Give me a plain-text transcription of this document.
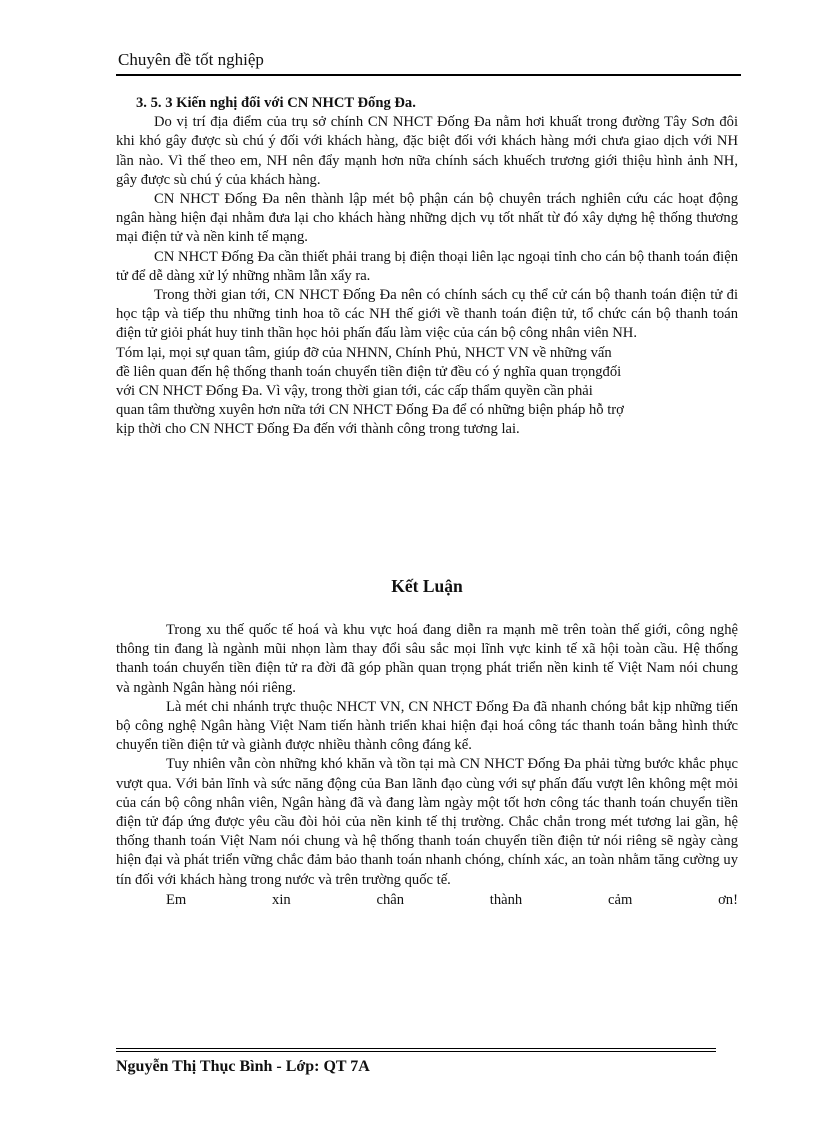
Chuyên đề tốt nghiệp
3. 5. 3 Kiến nghị đối với CN NHCT Đống Đa.

Do vị trí địa điểm của trụ sở chính CN NHCT Đống Đa nằm hơi khuất trong đường Tây Sơn đôi khi khó gây được sù chú ý đối với khách hàng, đặc biệt đối với khách hàng mới chưa giao dịch với NH lần nào. Vì thế theo em, NH nên đẩy mạnh hơn nữa chính sách khuếch trương giới thiệu hình ảnh NH, gây được sù chú ý của khách hàng.

CN NHCT Đống Đa nên thành lập mét bộ phận cán bộ chuyên trách nghiên cứu các hoạt động ngân hàng hiện đại nhằm đưa lại cho khách hàng những dịch vụ tốt nhất từ đó xây dựng hệ thống thương mại điện tử và nền kinh tế mạng.

CN NHCT Đống Đa cần thiết phải trang bị điện thoại liên lạc ngoại tỉnh cho cán bộ thanh toán điện tử để dễ dàng xử lý những nhầm lẫn xẩy ra.

Trong thời gian tới, CN NHCT Đống Đa nên có chính sách cụ thể cử cán bộ thanh toán điện tử đi học tập và tiếp thu những tinh hoa tõ các NH thế giới về thanh toán điện tử, tổ chức cán bộ thanh toán điện tử giỏi phát huy tinh thần học hỏi phấn đấu làm việc của cán bộ công nhân viên NH.

Tóm lại, mọi sự quan tâm, giúp đỡ của NHNN, Chính Phủ, NHCT VN về những vấn
đề liên quan đến hệ thống thanh toán chuyển tiền điện tử đều có ý nghĩa quan trọngđối
với CN NHCT Đống Đa. Vì vậy, trong thời gian tới, các cấp thẩm quyền cần phải
quan tâm thường xuyên hơn nữa tới CN NHCT Đống Đa để có những biện pháp hỗ trợ
kịp thời cho CN NHCT Đống Đa đến với thành công trong tương lai.

Kết Luận

Trong xu thế quốc tế hoá và khu vực hoá đang diễn ra mạnh mẽ trên toàn thế giới, công nghệ thông tin đang là ngành mũi nhọn làm thay đổi sâu sắc mọi lĩnh vực kinh tế xã hội toàn cầu. Hệ thống thanh toán chuyển tiền điện tử ra đời đã góp phần quan trọng phát triển nền kinh tế Việt Nam nói chung và ngành Ngân hàng nói riêng.

Là mét chi nhánh trực thuộc NHCT VN, CN NHCT Đống Đa đã nhanh chóng bắt kịp những tiến bộ công nghệ Ngân hàng Việt Nam tiến hành triển khai hiện đại hoá công tác thanh toán bằng hình thức chuyển tiền điện tử và giành được nhiều thành công đáng kể.

Tuy nhiên vẫn còn những khó khăn và tồn tại mà CN NHCT Đống Đa phải từng bước khắc phục vượt qua. Với bản lĩnh và sức năng động của Ban lãnh đạo cùng với sự phấn đấu vượt lên không mệt mỏi của cán bộ công nhân viên, Ngân hàng đã và đang làm ngày một tốt hơn công tác thanh toán chuyển tiền điện tử đáp ứng được yêu cầu đòi hỏi của nền kinh tế thị trường. Chắc chắn trong mét tương lai gần, hệ thống thanh toán Việt Nam nói chung và hệ thống thanh toán chuyển tiền điện tử nói riêng sẽ ngày càng hiện đại và phát triển vững chắc đảm bảo thanh toán nhanh chóng, chính xác, an toàn nhằm tăng cường uy tín đối với khách hàng trong nước và trên trường quốc tế.

Em	xin	chân	thành	cảm	ơn!
Nguyễn Thị Thục Bình - Lớp: QT 7A
